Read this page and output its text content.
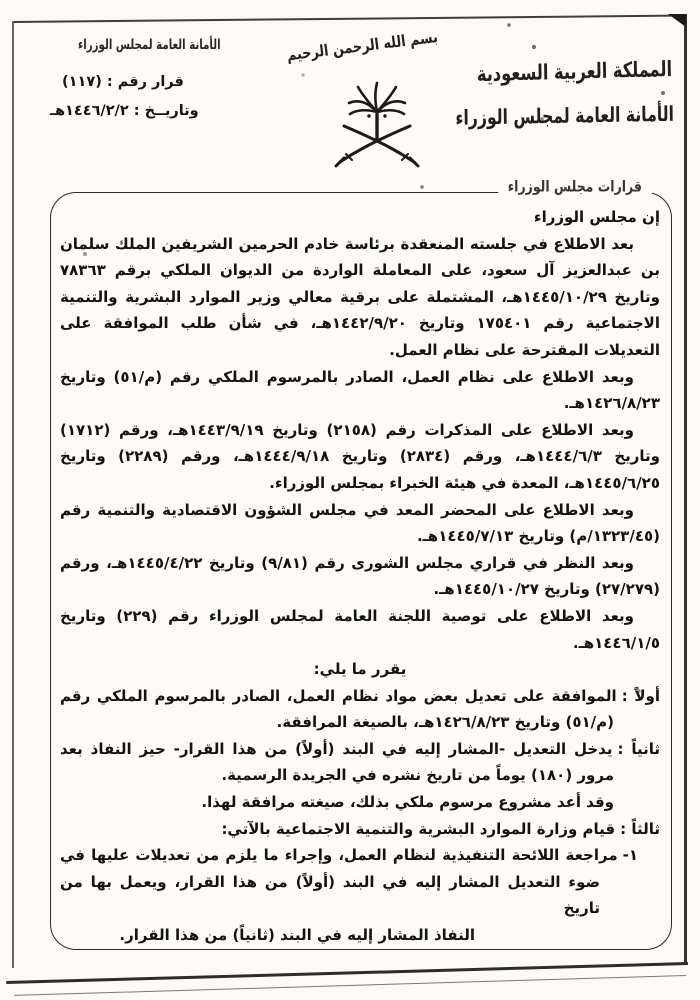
الأمانة العامة لمجلس الوزراء
قرار رقم : (١١٧)
وتاريــخ : ١٤٤٦/٢/٢هـ
بسم الله الرحمن الرحيم
المملكة العربية السعودية
الأمانة العامة لمجلس الوزراء
قرارات مجلس الوزراء

إن مجلس الوزراء

بعد الاطلاع في جلسته المنعقدة برئاسة خادم الحرمين الشريفين الملك سلمان بن عبدالعزيز آل سعود، على المعاملة الواردة من الديوان الملكي برقم ٧٨٣٦٣ وتاريخ ١٤٤٥/١٠/٢٩هـ، المشتملة على برقية معالي وزير الموارد البشرية والتنمية الاجتماعية رقم ١٧٥٤٠١ وتاريخ ١٤٤٢/٩/٢٠هـ، في شأن طلب الموافقة على التعديلات المقترحة على نظام العمل.

وبعد الاطلاع على نظام العمل، الصادر بالمرسوم الملكي رقم (م/٥١) وتاريخ ١٤٢٦/٨/٢٣هـ.

وبعد الاطلاع على المذكرات رقم (٢١٥٨) وتاريخ ١٤٤٣/٩/١٩هـ، ورقم (١٧١٢) وتاريخ ١٤٤٤/٦/٣هـ، ورقم (٢٨٣٤) وتاريخ ١٤٤٤/٩/١٨هـ، ورقم (٢٢٨٩) وتاريخ ١٤٤٥/٦/٢٥هـ، المعدة في هيئة الخبراء بمجلس الوزراء.

وبعد الاطلاع على المحضر المعد في مجلس الشؤون الاقتصادية والتنمية رقم (١٣٢٣/٤٥/م) وتاريخ ١٤٤٥/٧/١٣هـ.

وبعد النظر في قراري مجلس الشورى رقم (٩/٨١) وتاريخ ١٤٤٥/٤/٢٢هـ، ورقم (٢٧/٢٧٩) وتاريخ ١٤٤٥/١٠/٢٧هـ.

وبعد الاطلاع على توصية اللجنة العامة لمجلس الوزراء رقم (٢٢٩) وتاريخ ١٤٤٦/١/٥هـ.

يقرر ما يلي:

أولاً :الموافقة على تعديل بعض مواد نظام العمل، الصادر بالمرسوم الملكي رقم (م/٥١) وتاريخ ١٤٢٦/٨/٢٣هـ، بالصيغة المرافقة.
ثانياً :يدخل التعديل -المشار إليه في البند (أولاً) من هذا القرار- حيز النفاذ بعد مرور (١٨٠) يوماً من تاريخ نشره في الجريدة الرسمية.
وقد أعد مشروع مرسوم ملكي بذلك، صيغته مرافقة لهذا.
ثالثاً :قيام وزارة الموارد البشرية والتنمية الاجتماعية بالآتي:
١-مراجعة اللائحة التنفيذية لنظام العمل، وإجراء ما يلزم من تعديلات عليها في ضوء التعديل المشار إليه في البند (أولاً) من هذا القرار، ويعمل بها من تاريخ
النفاذ المشار إليه في البند (ثانياً) من هذا القرار.
